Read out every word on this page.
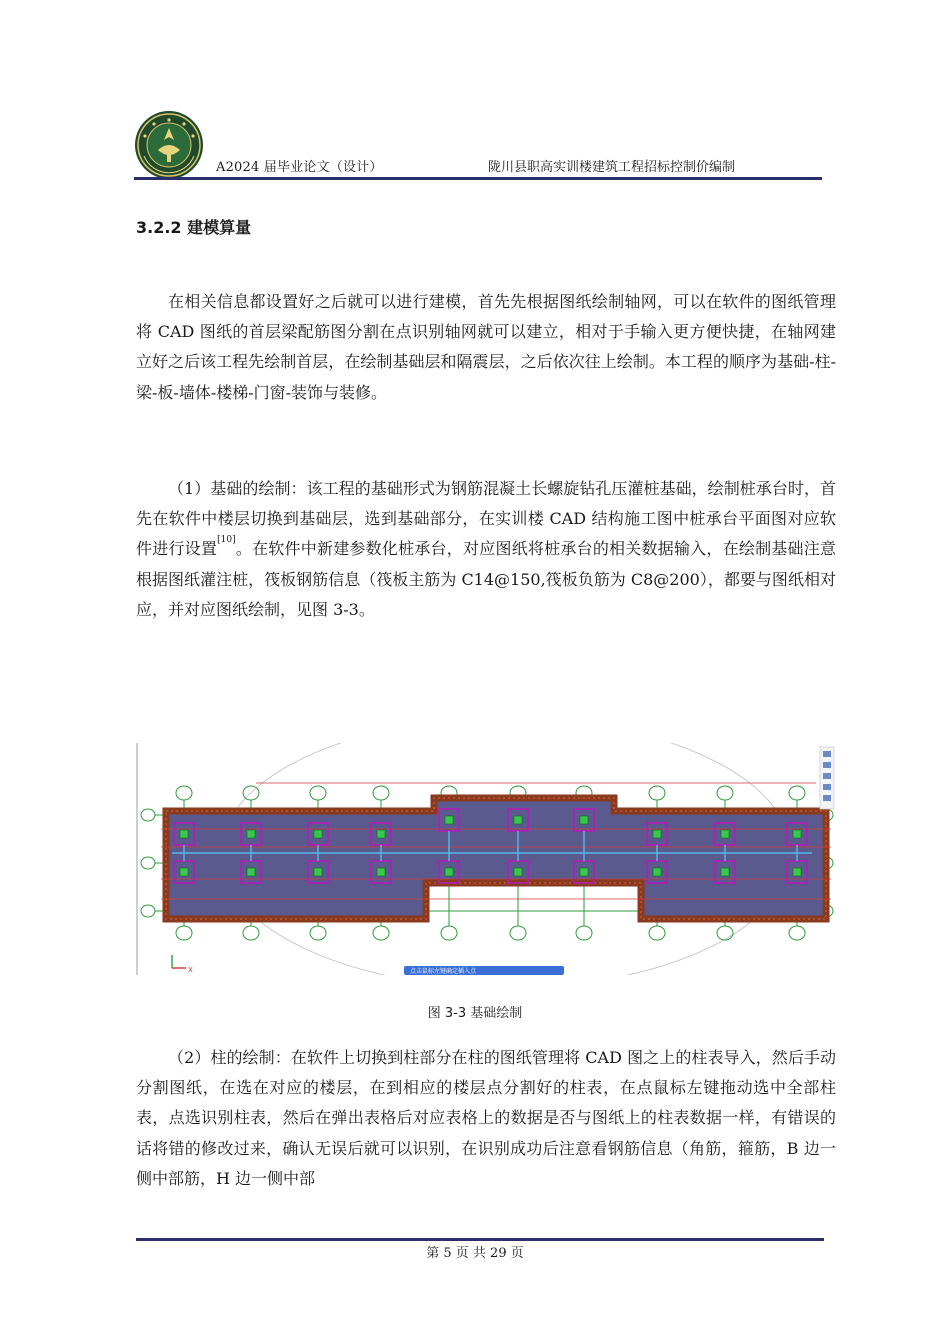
A2024 届毕业论文（设计）	陇川县职高实训楼建筑工程招标控制价编制
3.2.2 建模算量

在相关信息都设置好之后就可以进行建模，首先先根据图纸绘制轴网，可以在软件的图纸管理将 CAD 图纸的首层梁配筋图分割在点识别轴网就可以建立，相对于手输入更方便快捷，在轴网建立好之后该工程先绘制首层，在绘制基础层和隔震层，之后依次往上绘制。本工程的顺序为基础-柱-梁-板-墙体-楼梯-门窗-装饰与装修。

（1）基础的绘制：该工程的基础形式为钢筋混凝土长螺旋钻孔压灌桩基础，绘制桩承台时，首先在软件中楼层切换到基础层，选到基础部分，在实训楼 CAD 结构施工图中桩承台平面图对应软件进行设置[10]。在软件中新建参数化桩承台，对应图纸将桩承台的相关数据输入，在绘制基础注意根据图纸灌注桩，筏板钢筋信息（筏板主筋为 C14@150,筏板负筋为 C8@200），都要与图纸相对应，并对应图纸绘制，见图 3-3。

X	点击鼠标左键确定插入点
图 3-3 基础绘制

（2）柱的绘制：在软件上切换到柱部分在柱的图纸管理将 CAD 图之上的柱表导入，然后手动分割图纸，在选在对应的楼层，在到相应的楼层点分割好的柱表，在点鼠标左键拖动选中全部柱表，点选识别柱表，然后在弹出表格后对应表格上的数据是否与图纸上的柱表数据一样，有错误的话将错的修改过来，确认无误后就可以识别，在识别成功后注意看钢筋信息（角筋，箍筋，B 边一侧中部筋，H 边一侧中部

第 5 页 共 29 页
